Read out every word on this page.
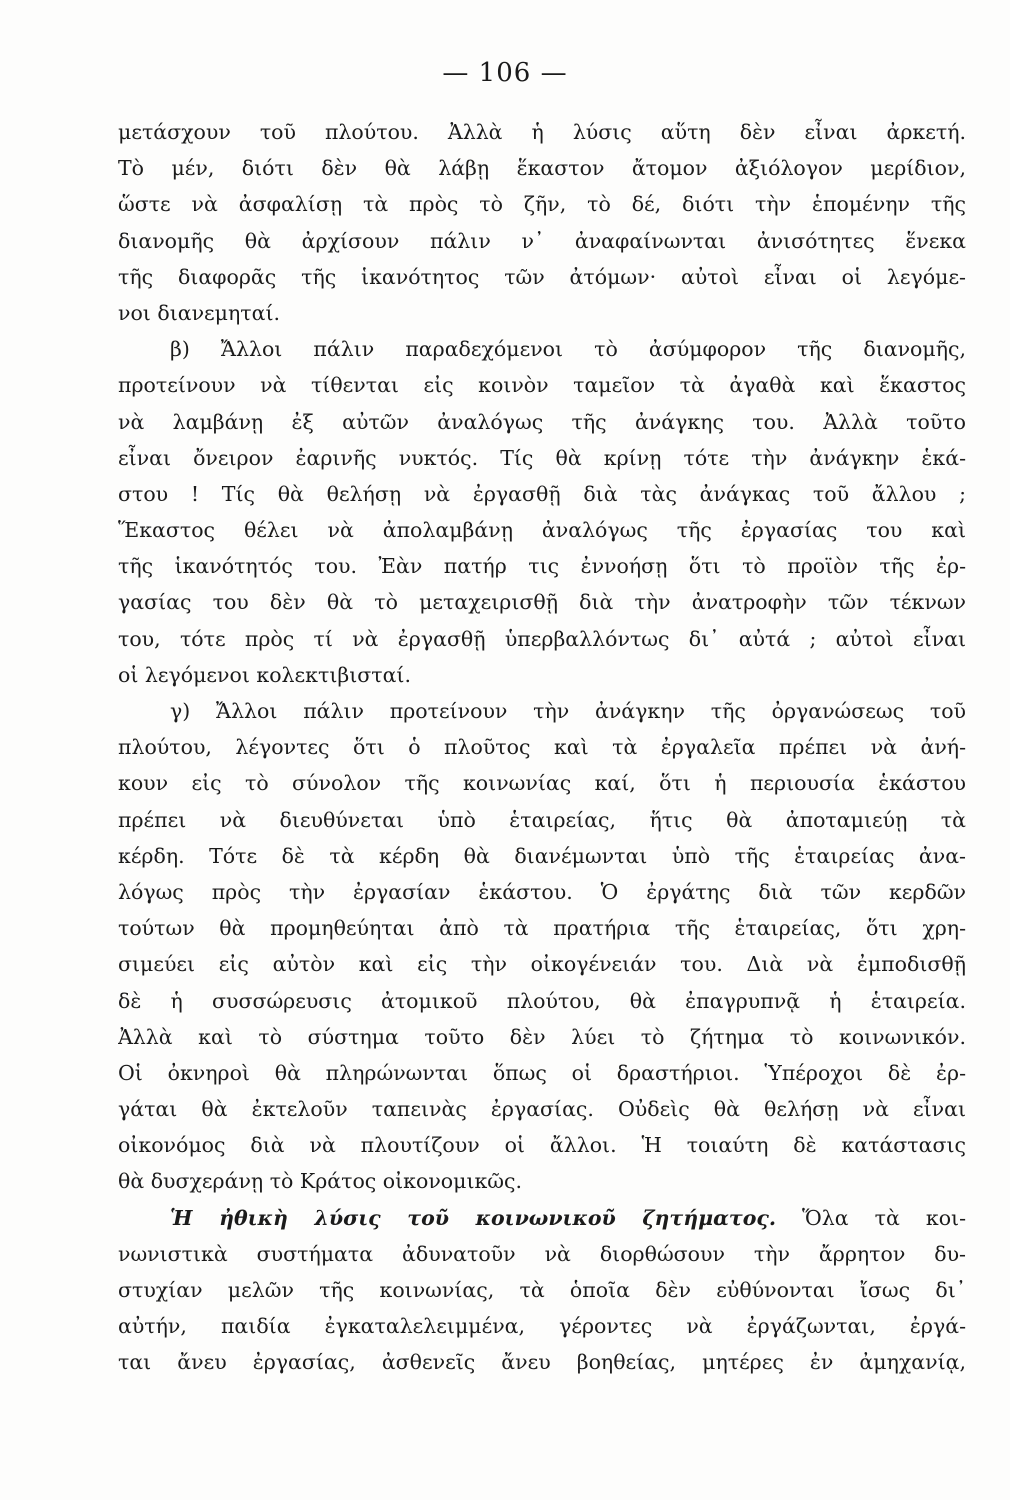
— 106 —
μετάσχουν τοῦ πλούτου. Ἀλλὰ ἡ λύσις αὕτη δὲν εἶναι ἀρκετή.
Τὸ μέν, διότι δὲν θὰ λάβῃ ἕκαστον ἄτομον ἀξιόλογον μερίδιον,
ὥστε νὰ ἀσφαλίσῃ τὰ πρὸς τὸ ζῆν, τὸ δέ, διότι τὴν ἑπομένην τῆς
διανομῆς θὰ ἀρχίσουν πάλιν ν᾿ ἀναφαίνωνται ἀνισότητες ἕνεκα
τῆς διαφορᾶς τῆς ἱκανότητος τῶν ἀτόμων· αὐτοὶ εἶναι οἱ λεγόμε-
νοι διανεμηταί.
β) Ἄλλοι πάλιν παραδεχόμενοι τὸ ἀσύμφορον τῆς διανομῆς,
προτείνουν νὰ τίθενται εἰς κοινὸν ταμεῖον τὰ ἀγαθὰ καὶ ἕκαστος
νὰ λαμβάνῃ ἐξ αὐτῶν ἀναλόγως τῆς ἀνάγκης του. Ἀλλὰ τοῦτο
εἶναι ὄνειρον ἐαρινῆς νυκτός. Τίς θὰ κρίνῃ τότε τὴν ἀνάγκην ἑκά-
στου ! Τίς θὰ θελήσῃ νὰ ἐργασθῇ διὰ τὰς ἀνάγκας τοῦ ἄλλου ;
Ἕκαστος θέλει νὰ ἀπολαμβάνῃ ἀναλόγως τῆς ἐργασίας του καὶ
τῆς ἱκανότητός του. Ἐὰν πατήρ τις ἐννοήσῃ ὅτι τὸ προϊὸν τῆς ἐρ-
γασίας του δὲν θὰ τὸ μεταχειρισθῇ διὰ τὴν ἀνατροφὴν τῶν τέκνων
του, τότε πρὸς τί νὰ ἐργασθῇ ὑπερβαλλόντως δι᾿ αὐτά ; αὐτοὶ εἶναι
οἱ λεγόμενοι κολεκτιβισταί.
γ) Ἄλλοι πάλιν προτείνουν τὴν ἀνάγκην τῆς ὀργανώσεως τοῦ
πλούτου, λέγοντες ὅτι ὁ πλοῦτος καὶ τὰ ἐργαλεῖα πρέπει νὰ ἀνή-
κουν εἰς τὸ σύνολον τῆς κοινωνίας καί, ὅτι ἡ περιουσία ἑκάστου
πρέπει νὰ διευθύνεται ὑπὸ ἑταιρείας, ἥτις θὰ ἀποταμιεύῃ τὰ
κέρδη. Τότε δὲ τὰ κέρδη θὰ διανέμωνται ὑπὸ τῆς ἑταιρείας ἀνα-
λόγως πρὸς τὴν ἐργασίαν ἑκάστου. Ὁ ἐργάτης διὰ τῶν κερδῶν
τούτων θὰ προμηθεύηται ἀπὸ τὰ πρατήρια τῆς ἑταιρείας, ὅτι χρη-
σιμεύει εἰς αὐτὸν καὶ εἰς τὴν οἰκογένειάν του. Διὰ νὰ ἐμποδισθῇ
δὲ ἡ συσσώρευσις ἀτομικοῦ πλούτου, θὰ ἐπαγρυπνᾷ ἡ ἑταιρεία.
Ἀλλὰ καὶ τὸ σύστημα τοῦτο δὲν λύει τὸ ζήτημα τὸ κοινωνικόν.
Οἱ ὀκνηροὶ θὰ πληρώνωνται ὅπως οἱ δραστήριοι. Ὑπέροχοι δὲ ἐρ-
γάται θὰ ἐκτελοῦν ταπεινὰς ἐργασίας. Οὐδεὶς θὰ θελήσῃ νὰ εἶναι
οἰκονόμος διὰ νὰ πλουτίζουν οἱ ἄλλοι. Ἡ τοιαύτη δὲ κατάστασις
θὰ δυσχεράνῃ τὸ Κράτος οἰκονομικῶς.
Ἡ ἠθικὴ λύσις τοῦ κοινωνικοῦ ζητήματος. Ὅλα τὰ κοι-
νωνιστικὰ συστήματα ἀδυνατοῦν νὰ διορθώσουν τὴν ἄρρητον δυ-
στυχίαν μελῶν τῆς κοινωνίας, τὰ ὁποῖα δὲν εὐθύνονται ἴσως δι᾿
αὐτήν, παιδία ἐγκαταλελειμμένα, γέροντες νὰ ἐργάζωνται, ἐργά-
ται ἄνευ ἐργασίας, ἀσθενεῖς ἄνευ βοηθείας, μητέρες ἐν ἀμηχανίᾳ,
